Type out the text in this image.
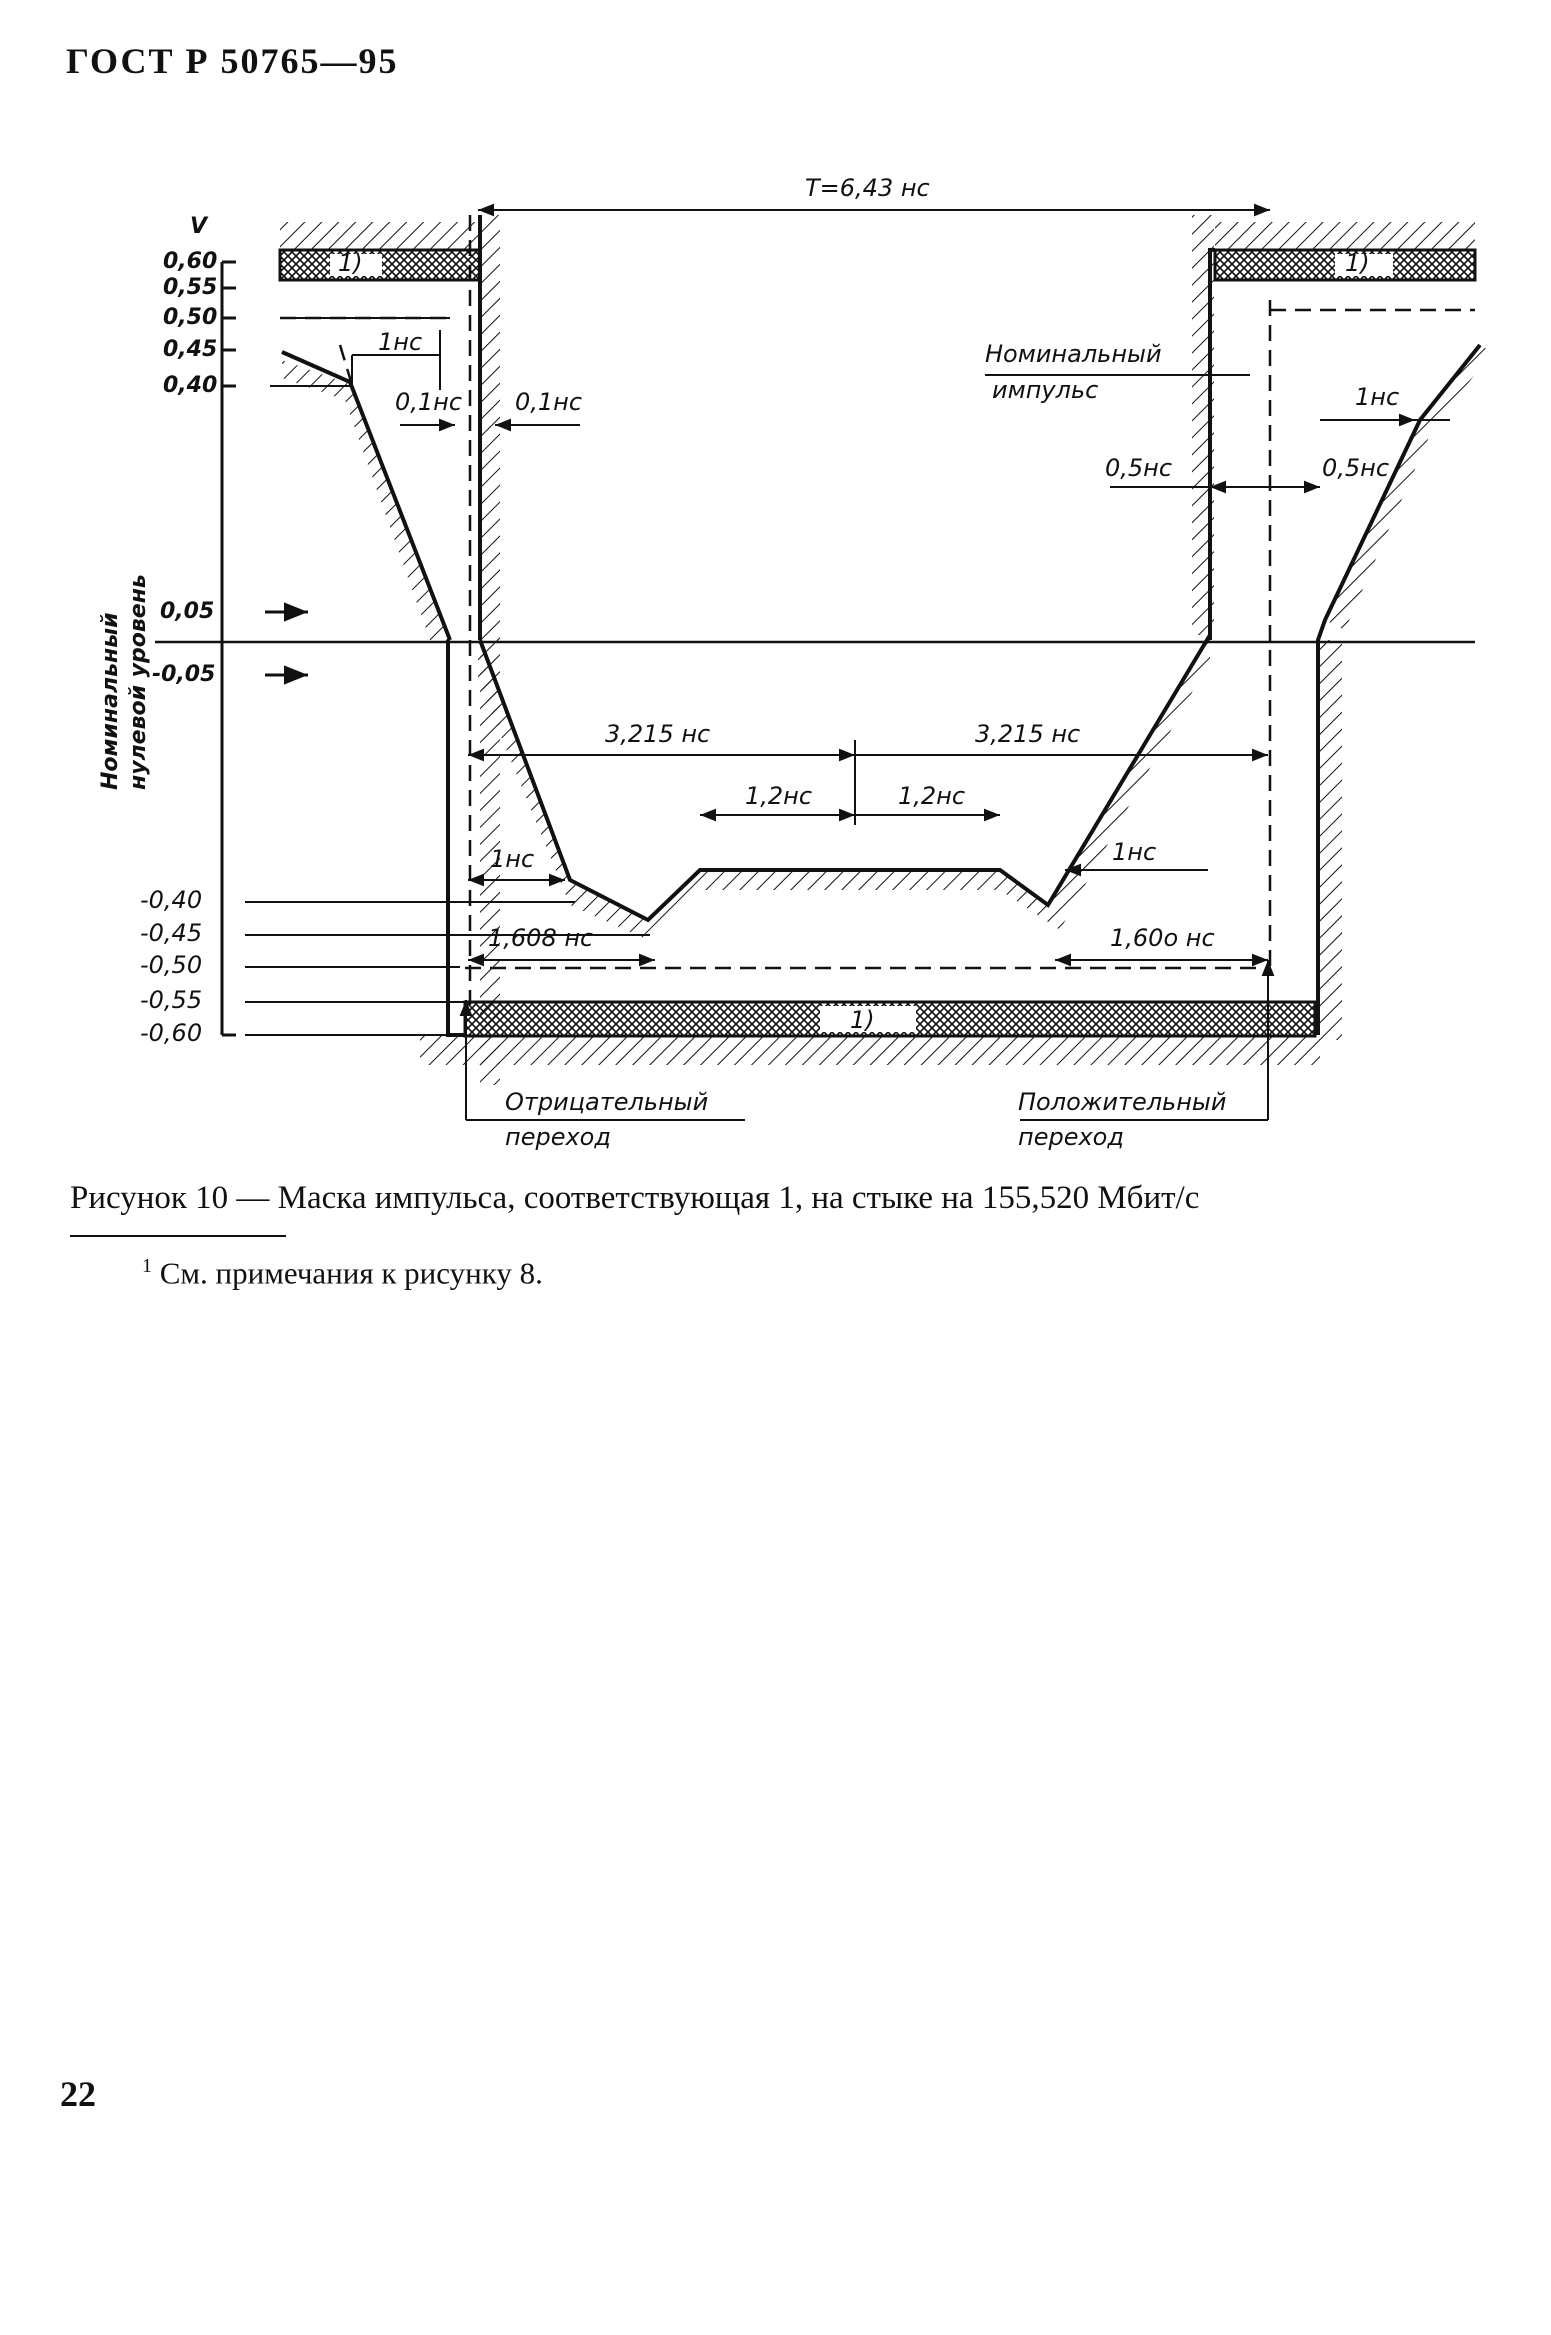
ГОСТ Р 50765—95
V
0,60
0,55
0,50
0,45
0,40
0,05
-0,05
-0,40
-0,45
-0,50
-0,55
-0,60
Номинальный нулевой уровень
T=6,43 нс
Номинальный
импульс
1нс
0,1нс 0,1нс
0,5нс	0,5нс
1нс
3,215 нс	3,215 нс
1,2нс	1,2нс
1нс	1нс
1,608 нс	1,60о нс
1)	1)
1)
Отрицательный
переход
Положительный
переход
Рисунок 10 — Маска импульса, соответствующая 1, на стыке на 155,520 Мбит/с
$^1$ См. примечания к рисунку 8.
22
